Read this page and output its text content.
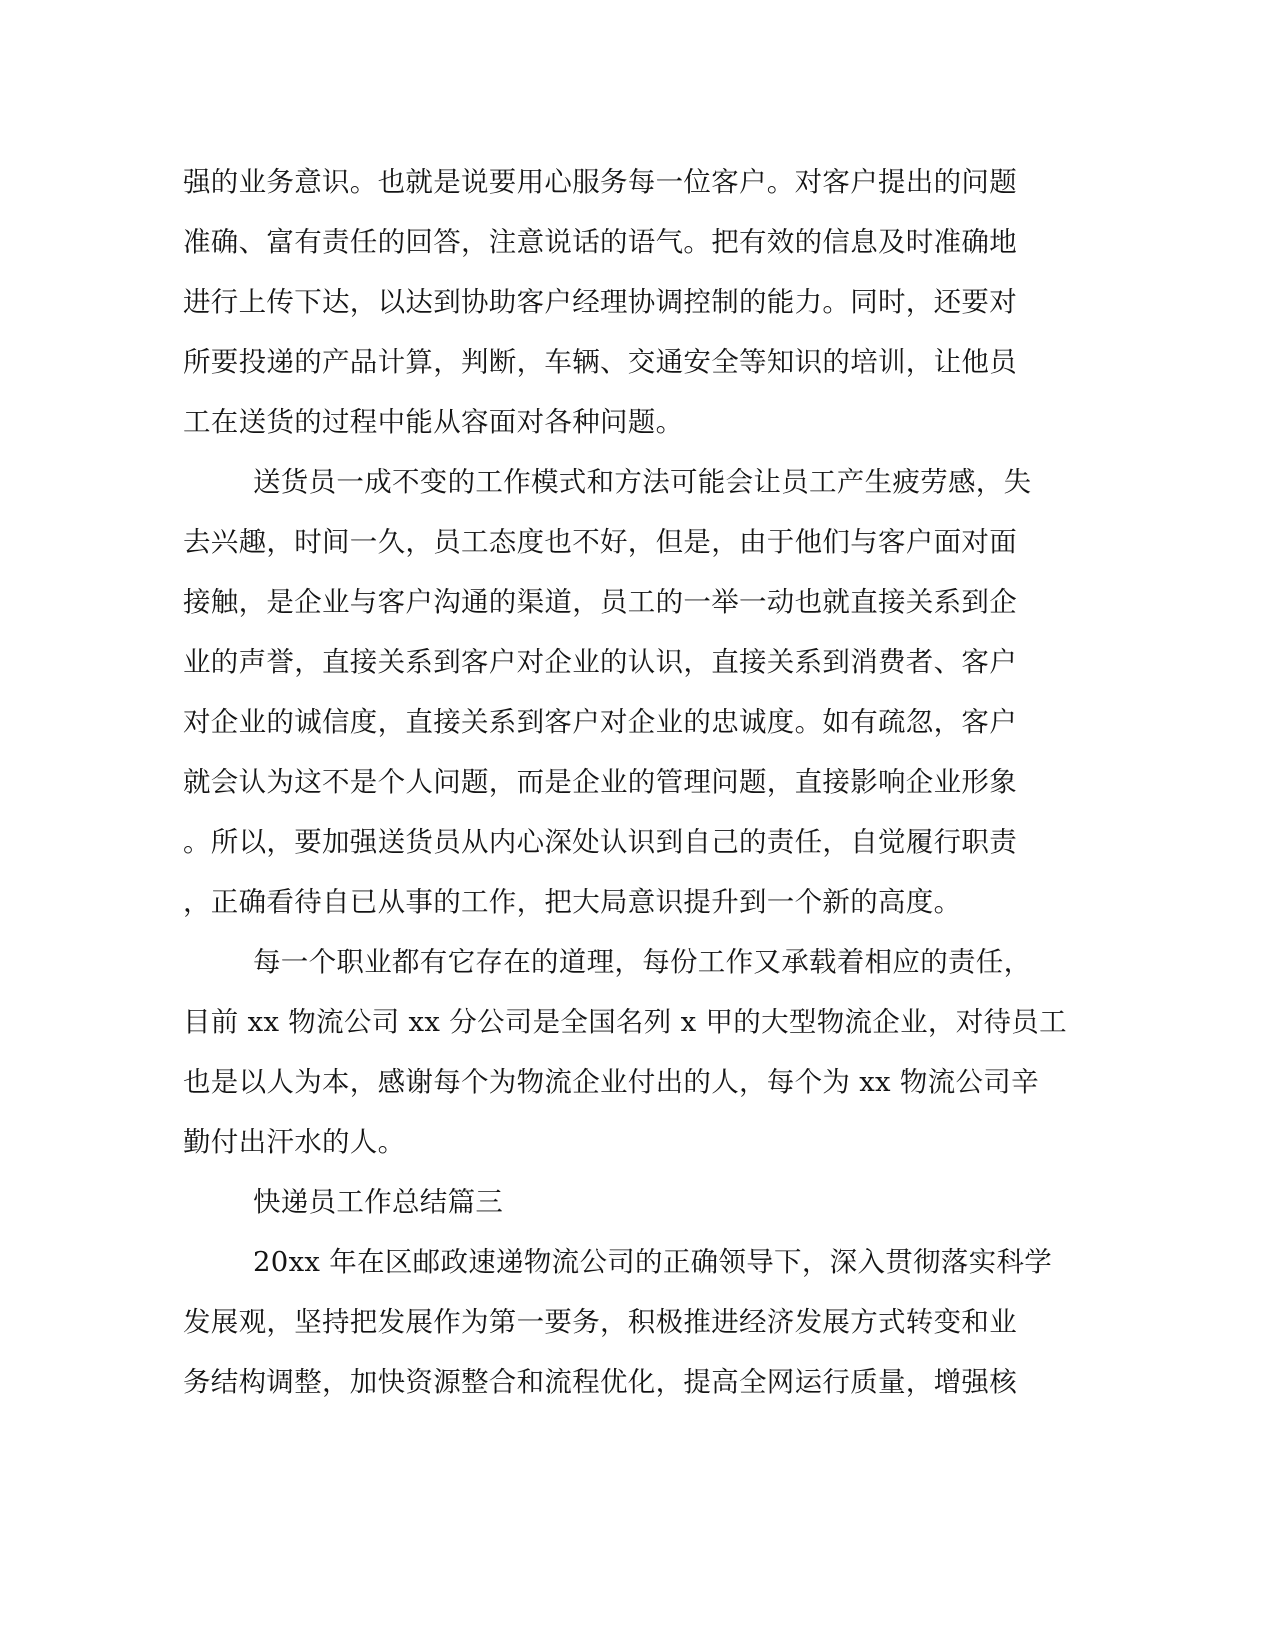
强的业务意识。也就是说要用心服务每一位客户。对客户提出的问题
准确、富有责任的回答，注意说话的语气。把有效的信息及时准确地
进行上传下达，以达到协助客户经理协调控制的能力。同时，还要对
所要投递的产品计算，判断，车辆、交通安全等知识的培训，让他员
工在送货的过程中能从容面对各种问题。
送货员一成不变的工作模式和方法可能会让员工产生疲劳感，失
去兴趣，时间一久，员工态度也不好，但是，由于他们与客户面对面
接触，是企业与客户沟通的渠道，员工的一举一动也就直接关系到企
业的声誉，直接关系到客户对企业的认识，直接关系到消费者、客户
对企业的诚信度，直接关系到客户对企业的忠诚度。如有疏忽，客户
就会认为这不是个人问题，而是企业的管理问题，直接影响企业形象
。所以，要加强送货员从内心深处认识到自己的责任，自觉履行职责
，正确看待自已从事的工作，把大局意识提升到一个新的高度。
每一个职业都有它存在的道理，每份工作又承载着相应的责任，
目前 xx 物流公司 xx 分公司是全国名列 x 甲的大型物流企业，对待员工
也是以人为本，感谢每个为物流企业付出的人，每个为 xx 物流公司辛
勤付出汗水的人。
快递员工作总结篇三
20xx 年在区邮政速递物流公司的正确领导下，深入贯彻落实科学
发展观，坚持把发展作为第一要务，积极推进经济发展方式转变和业
务结构调整，加快资源整合和流程优化，提高全网运行质量，增强核
